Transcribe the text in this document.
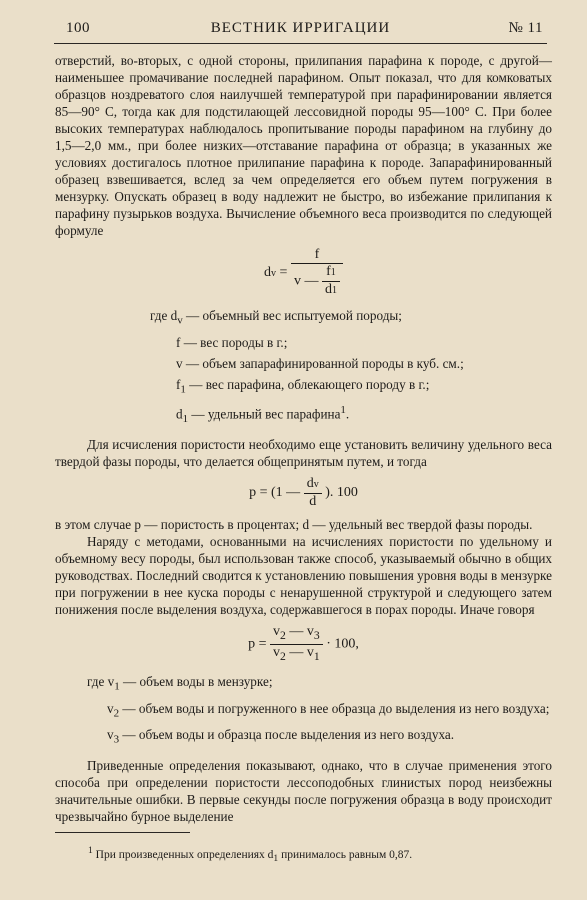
100	ВЕСТНИК ИРРИГАЦИИ	№ 11

отверстий, во-вторых, с одной стороны, прилипания парафина к породе, с другой—наименьшее промачивание последней парафином. Опыт показал, что для комковатых образцов ноздреватого слоя наилучшей температурой при парафинировании является 85—90° С, тогда как для подстилающей лессовидной породы 95—100° С. При более высоких температурах наблюдалось пропитывание породы парафином на глубину до 1,5—2,0 мм., при более низких—отставание парафина от образца; в указанных же условиях достигалось плотное прилипание парафина к породе. Запарафинированный образец взвешивается, вслед за чем определяется его объем путем погружения в мензурку. Опускать образец в воду надлежит не быстро, во избежание прилипания к парафину пузырьков воздуха. Вычисление объемного веса производится по следующей формуле

dv = $\frac{f}{v — \frac{f1}{d1}}$
где $d_v$ — объемный вес испытуемой породы;
f — вес породы в г.;
v — объем запарафинированной породы в куб. см.;
$f_1$ — вес парафина, облекающего породу в г.;
$d_1$ — удельный вес парафина$^1$.

Для исчисления пористости необходимо еще установить величину удельного веса твердой фазы породы, что делается общепринятым путем, и тогда

p = (1 — $\frac{dv}{d}$ ). 100

в этом случае p — пористость в процентах; d — удельный вес твердой фазы породы.

Наряду с методами, основанными на исчислениях пористости по удельному и объемному весу породы, был использован также способ, указываемый обычно в общих руководствах. Последний сводится к установлению повышения уровня воды в мензурке при погружении в нее куска породы с ненарушенной структурой и следующего затем понижения после выделения воздуха, содержавшегося в порах породы. Иначе говоря

$p = \frac{v_2 — v_3}{v_2 — v_1} \cdot 100$,
где $v_1$ — объем воды в мензурке;
$v_2$ — объем воды и погруженного в нее образца до выделения из него воздуха;
$v_3$ — объем воды и образца после выделения из него воздуха.

Приведенные определения показывают, однако, что в случае применения этого способа при определении пористости лессоподобных глинистых пород неизбежны значительные ошибки. В первые секунды после погружения образца в воду происходит чрезвычайно бурное выделение

$^1$ При произведенных определениях $d_1$ принималось равным 0,87.
